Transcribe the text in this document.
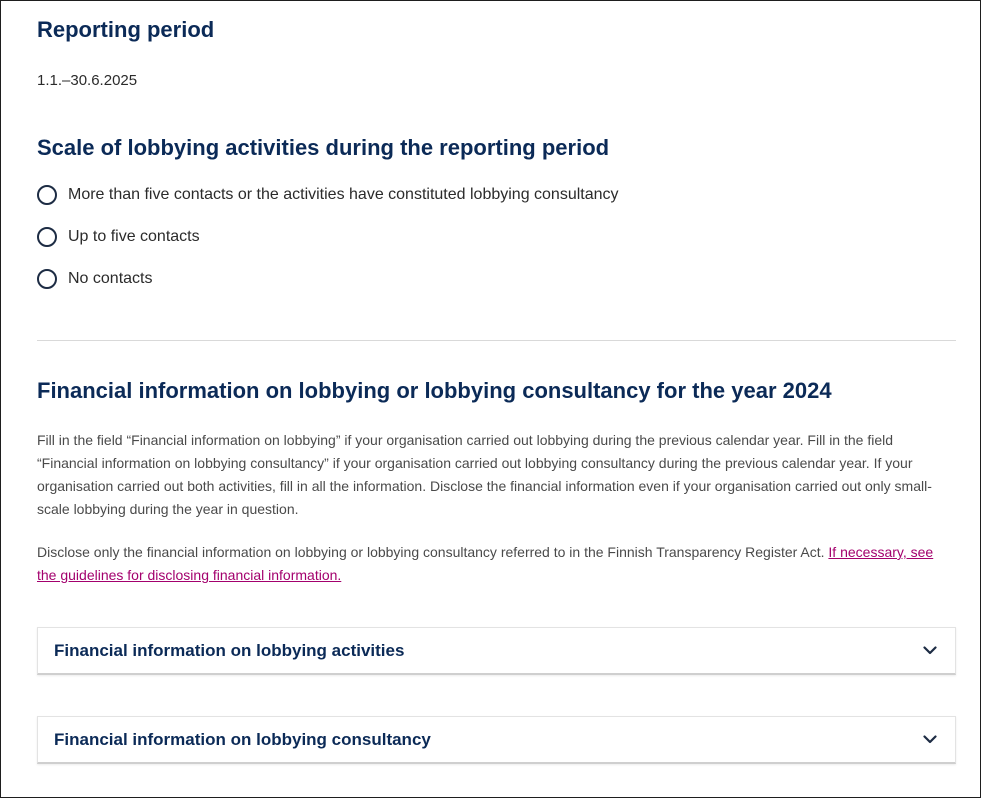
Reporting period
1.1.–30.6.2025
Scale of lobbying activities during the reporting period
More than five contacts or the activities have constituted lobbying consultancy
Up to five contacts
No contacts
Financial information on lobbying or lobbying consultancy for the year 2024

Fill in the field “Financial information on lobbying” if your organisation carried out lobbying during the previous calendar year. Fill in the field “Financial information on lobbying consultancy” if your organisation carried out lobbying consultancy during the previous calendar year. If your organisation carried out both activities, fill in all the information. Disclose the financial information even if your organisation carried out only small-scale lobbying during the year in question.

Disclose only the financial information on lobbying or lobbying consultancy referred to in the Finnish Transparency Register Act. If necessary, see the guidelines for disclosing financial information.

Financial information on lobbying activities
Financial information on lobbying consultancy
